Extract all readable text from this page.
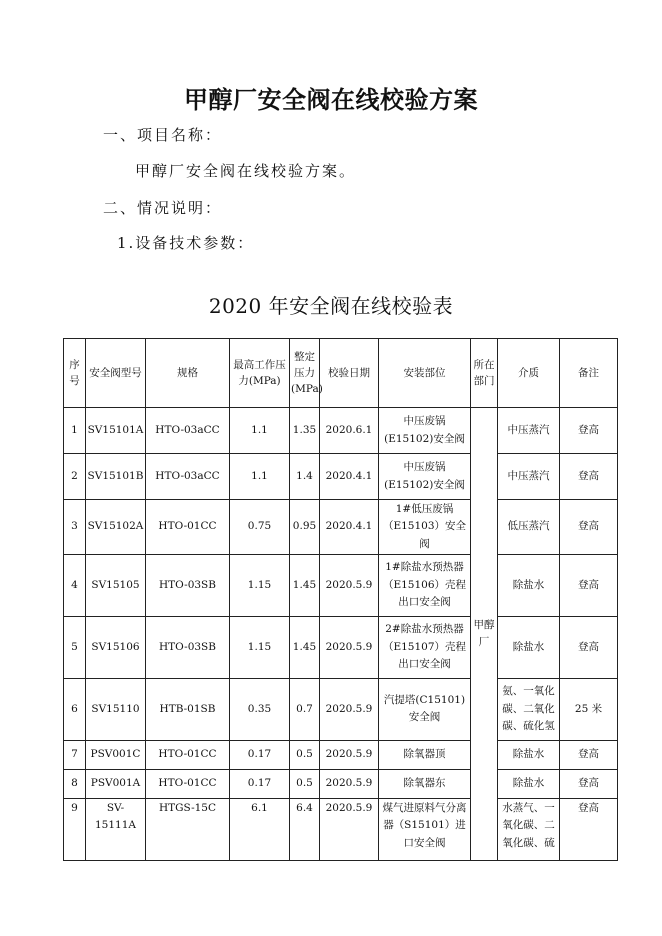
甲醇厂安全阀在线校验方案
一、项目名称：
甲醇厂安全阀在线校验方案。
二、情况说明：
1.设备技术参数：
2020 年安全阀在线校验表
序号	安全阀型号	规格	最高工作压力(MPa)	整定压力(MPa)	校验日期	安装部位	所在部门	介质	备注
1	SV15101A	HTO-03aCC	1.1	1.35	2020.6.1	中压废锅(E15102)安全阀	甲醇厂	中压蒸汽	登高
2	SV15101B	HTO-03aCC	1.1	1.4	2020.4.1	中压废锅(E15102)安全阀		中压蒸汽	登高
3	SV15102A	HTO-01CC	0.75	0.95	2020.4.1	1#低压废锅（E15103）安全阀		低压蒸汽	登高
4	SV15105	HTO-03SB	1.15	1.45	2020.5.9	1#除盐水预热器（E15106）壳程出口安全阀		除盐水	登高
5	SV15106	HTO-03SB	1.15	1.45	2020.5.9	2#除盐水预热器（E15107）壳程出口安全阀		除盐水	登高
6	SV15110	HTB-01SB	0.35	0.7	2020.5.9	汽提塔(C15101)安全阀		氨、一氧化碳、二氧化碳、硫化氢	25 米
7	PSV001C	HTO-01CC	0.17	0.5	2020.5.9	除氧器顶		除盐水	登高
8	PSV001A	HTO-01CC	0.17	0.5	2020.5.9	除氧器东		除盐水	登高
9	SV-15111A	HTGS-15C	6.1	6.4	2020.5.9	煤气进原料气分离器（S15101）进口安全阀		水蒸气、一氧化碳、二氧化碳、硫	登高
